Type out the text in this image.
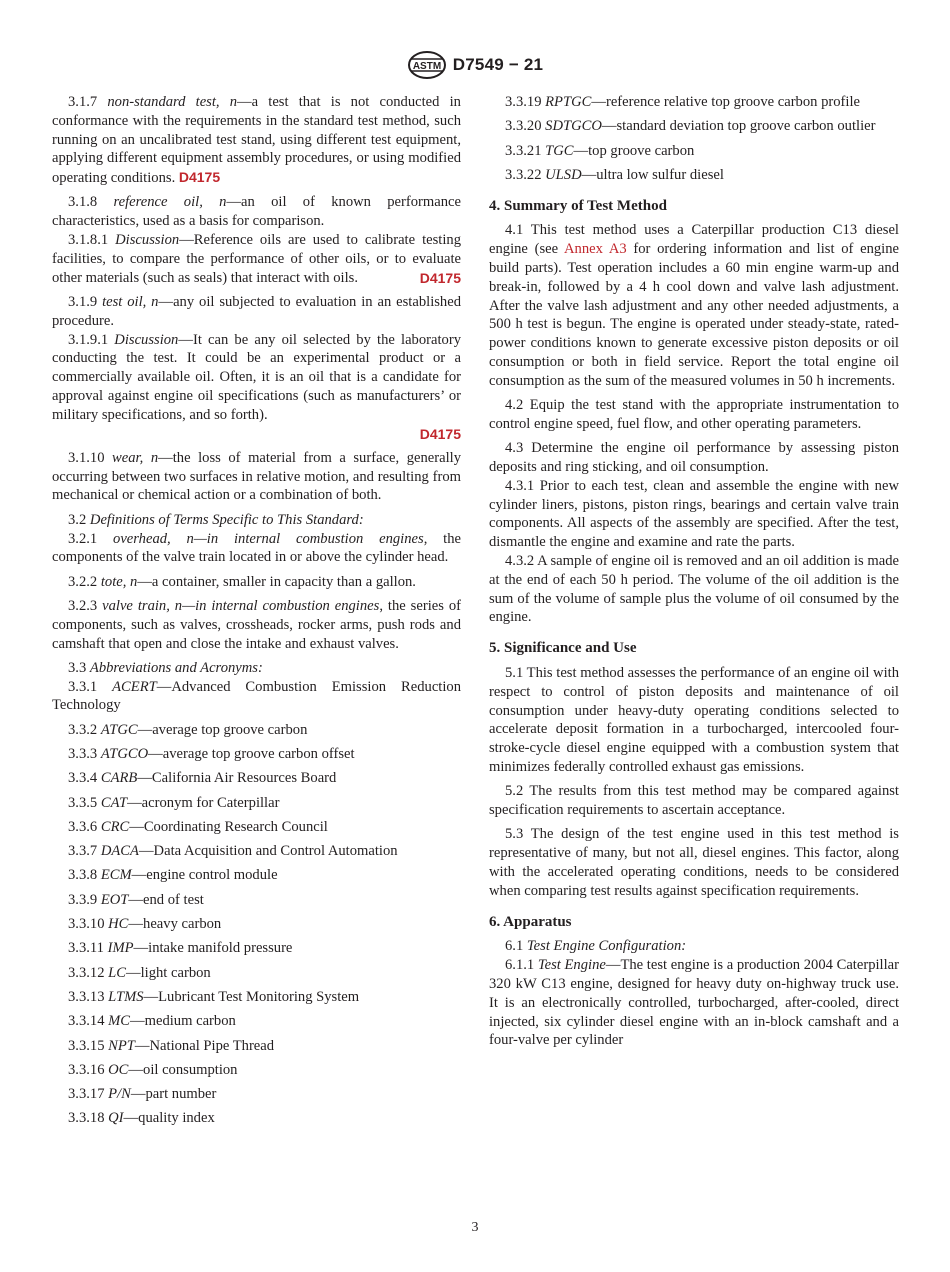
ASTM D7549 − 21

3.1.7 non-standard test, n—a test that is not conducted in conformance with the requirements in the standard test method, such running on an uncalibrated test stand, using different test equipment, applying different equipment assembly procedures, or using modified operating conditions. D4175

3.1.8 reference oil, n—an oil of known performance characteristics, used as a basis for comparison.

3.1.8.1 Discussion—Reference oils are used to calibrate testing facilities, to compare the performance of other oils, or to evaluate other materials (such as seals) that interact with oils.	D4175

3.1.9 test oil, n—any oil subjected to evaluation in an established procedure.

3.1.9.1 Discussion—It can be any oil selected by the laboratory conducting the test. It could be an experimental product or a commercially available oil. Often, it is an oil that is a candidate for approval against engine oil specifications (such as manufacturers’ or military specifications, and so forth).
D4175

3.1.10 wear, n—the loss of material from a surface, generally occurring between two surfaces in relative motion, and resulting from mechanical or chemical action or a combination of both.

3.2 Definitions of Terms Specific to This Standard:

3.2.1 overhead, n—in internal combustion engines, the components of the valve train located in or above the cylinder head.

3.2.2 tote, n—a container, smaller in capacity than a gallon.

3.2.3 valve train, n—in internal combustion engines, the series of components, such as valves, crossheads, rocker arms, push rods and camshaft that open and close the intake and exhaust valves.

3.3 Abbreviations and Acronyms:

3.3.1 ACERT—Advanced Combustion Emission Reduction Technology

3.3.2 ATGC—average top groove carbon

3.3.3 ATGCO—average top groove carbon offset

3.3.4 CARB—California Air Resources Board

3.3.5 CAT—acronym for Caterpillar

3.3.6 CRC—Coordinating Research Council

3.3.7 DACA—Data Acquisition and Control Automation

3.3.8 ECM—engine control module

3.3.9 EOT—end of test

3.3.10 HC—heavy carbon

3.3.11 IMP—intake manifold pressure

3.3.12 LC—light carbon

3.3.13 LTMS—Lubricant Test Monitoring System

3.3.14 MC—medium carbon

3.3.15 NPT—National Pipe Thread

3.3.16 OC—oil consumption

3.3.17 P/N—part number

3.3.18 QI—quality index

3.3.19 RPTGC—reference relative top groove carbon profile

3.3.20 SDTGCO—standard deviation top groove carbon outlier

3.3.21 TGC—top groove carbon

3.3.22 ULSD—ultra low sulfur diesel

4. Summary of Test Method

4.1 This test method uses a Caterpillar production C13 diesel engine (see Annex A3 for ordering information and list of engine build parts). Test operation includes a 60 min engine warm-up and break-in, followed by a 4 h cool down and valve lash adjustment. After the valve lash adjustment and any other needed adjustments, a 500 h test is begun. The engine is operated under steady-state, rated-power conditions known to generate excessive piston deposits or oil consumption or both in field service. Report the total engine oil consumption as the sum of the measured volumes in 50 h increments.

4.2 Equip the test stand with the appropriate instrumentation to control engine speed, fuel flow, and other operating parameters.

4.3 Determine the engine oil performance by assessing piston deposits and ring sticking, and oil consumption.

4.3.1 Prior to each test, clean and assemble the engine with new cylinder liners, pistons, piston rings, bearings and certain valve train components. All aspects of the assembly are specified. After the test, dismantle the engine and examine and rate the parts.

4.3.2 A sample of engine oil is removed and an oil addition is made at the end of each 50 h period. The volume of the oil addition is the sum of the volume of sample plus the volume of oil consumed by the engine.

5. Significance and Use

5.1 This test method assesses the performance of an engine oil with respect to control of piston deposits and maintenance of oil consumption under heavy-duty operating conditions selected to accelerate deposit formation in a turbocharged, intercooled four-stroke-cycle diesel engine equipped with a combustion system that minimizes federally controlled exhaust gas emissions.

5.2 The results from this test method may be compared against specification requirements to ascertain acceptance.

5.3 The design of the test engine used in this test method is representative of many, but not all, diesel engines. This factor, along with the accelerated operating conditions, needs to be considered when comparing test results against specification requirements.

6. Apparatus

6.1 Test Engine Configuration:

6.1.1 Test Engine—The test engine is a production 2004 Caterpillar 320 kW C13 engine, designed for heavy duty on-highway truck use. It is an electronically controlled, turbocharged, after-cooled, direct injected, six cylinder diesel engine with an in-block camshaft and a four-valve per cylinder

3
